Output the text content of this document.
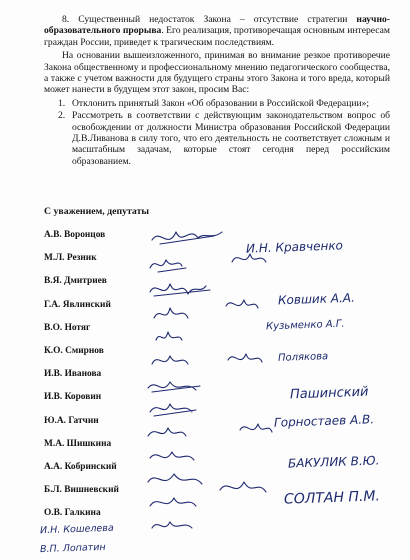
8. Существенный недостаток Закона – отсутствие стратегии научно-образовательного прорыва. Его реализация, противоречащая основным интересам граждан России, приведет к трагическим последствиям.

На основании вышеизложенного, принимая во внимание резкое противоречие Закона общественному и профессиональному мнению педагогического сообщества, а также с учетом важности для будущего страны этого Закона и того вреда, который может нанести в будущем этот закон, просим Вас:

1. Отклонить принятый Закон «Об образовании в Российской Федерации»;
2. Рассмотреть в соответствии с действующим законодательством вопрос об освобождении от должности Министра образования Российской Федерации Д.В.Ливанова в силу того, что его деятельность не соответствует сложным и масштабным задачам, которые стоят сегодня перед российским образованием.
С уважением, депутаты
А.В. Воронцов
М.Л. Резник
В.Я. Дмитриев
Г.А. Явлинский
В.О. Нотяг
К.О. Смирнов
И.В. Иванова
И.В. Коровин
Ю.А. Гатчин
М.А. Шишкина
А.А. Кобринский
Б.Л. Вишневский
О.В. Галкина
И.Н. Кравченко
Ковшик А.А.
Кузьменко А.Г.
Полякова
Пашинский
Горностаев А.В.
БАКУЛИК В.Ю.
СОЛТАН П.М.
И.Н. Кошелева
В.П. Лопатин
